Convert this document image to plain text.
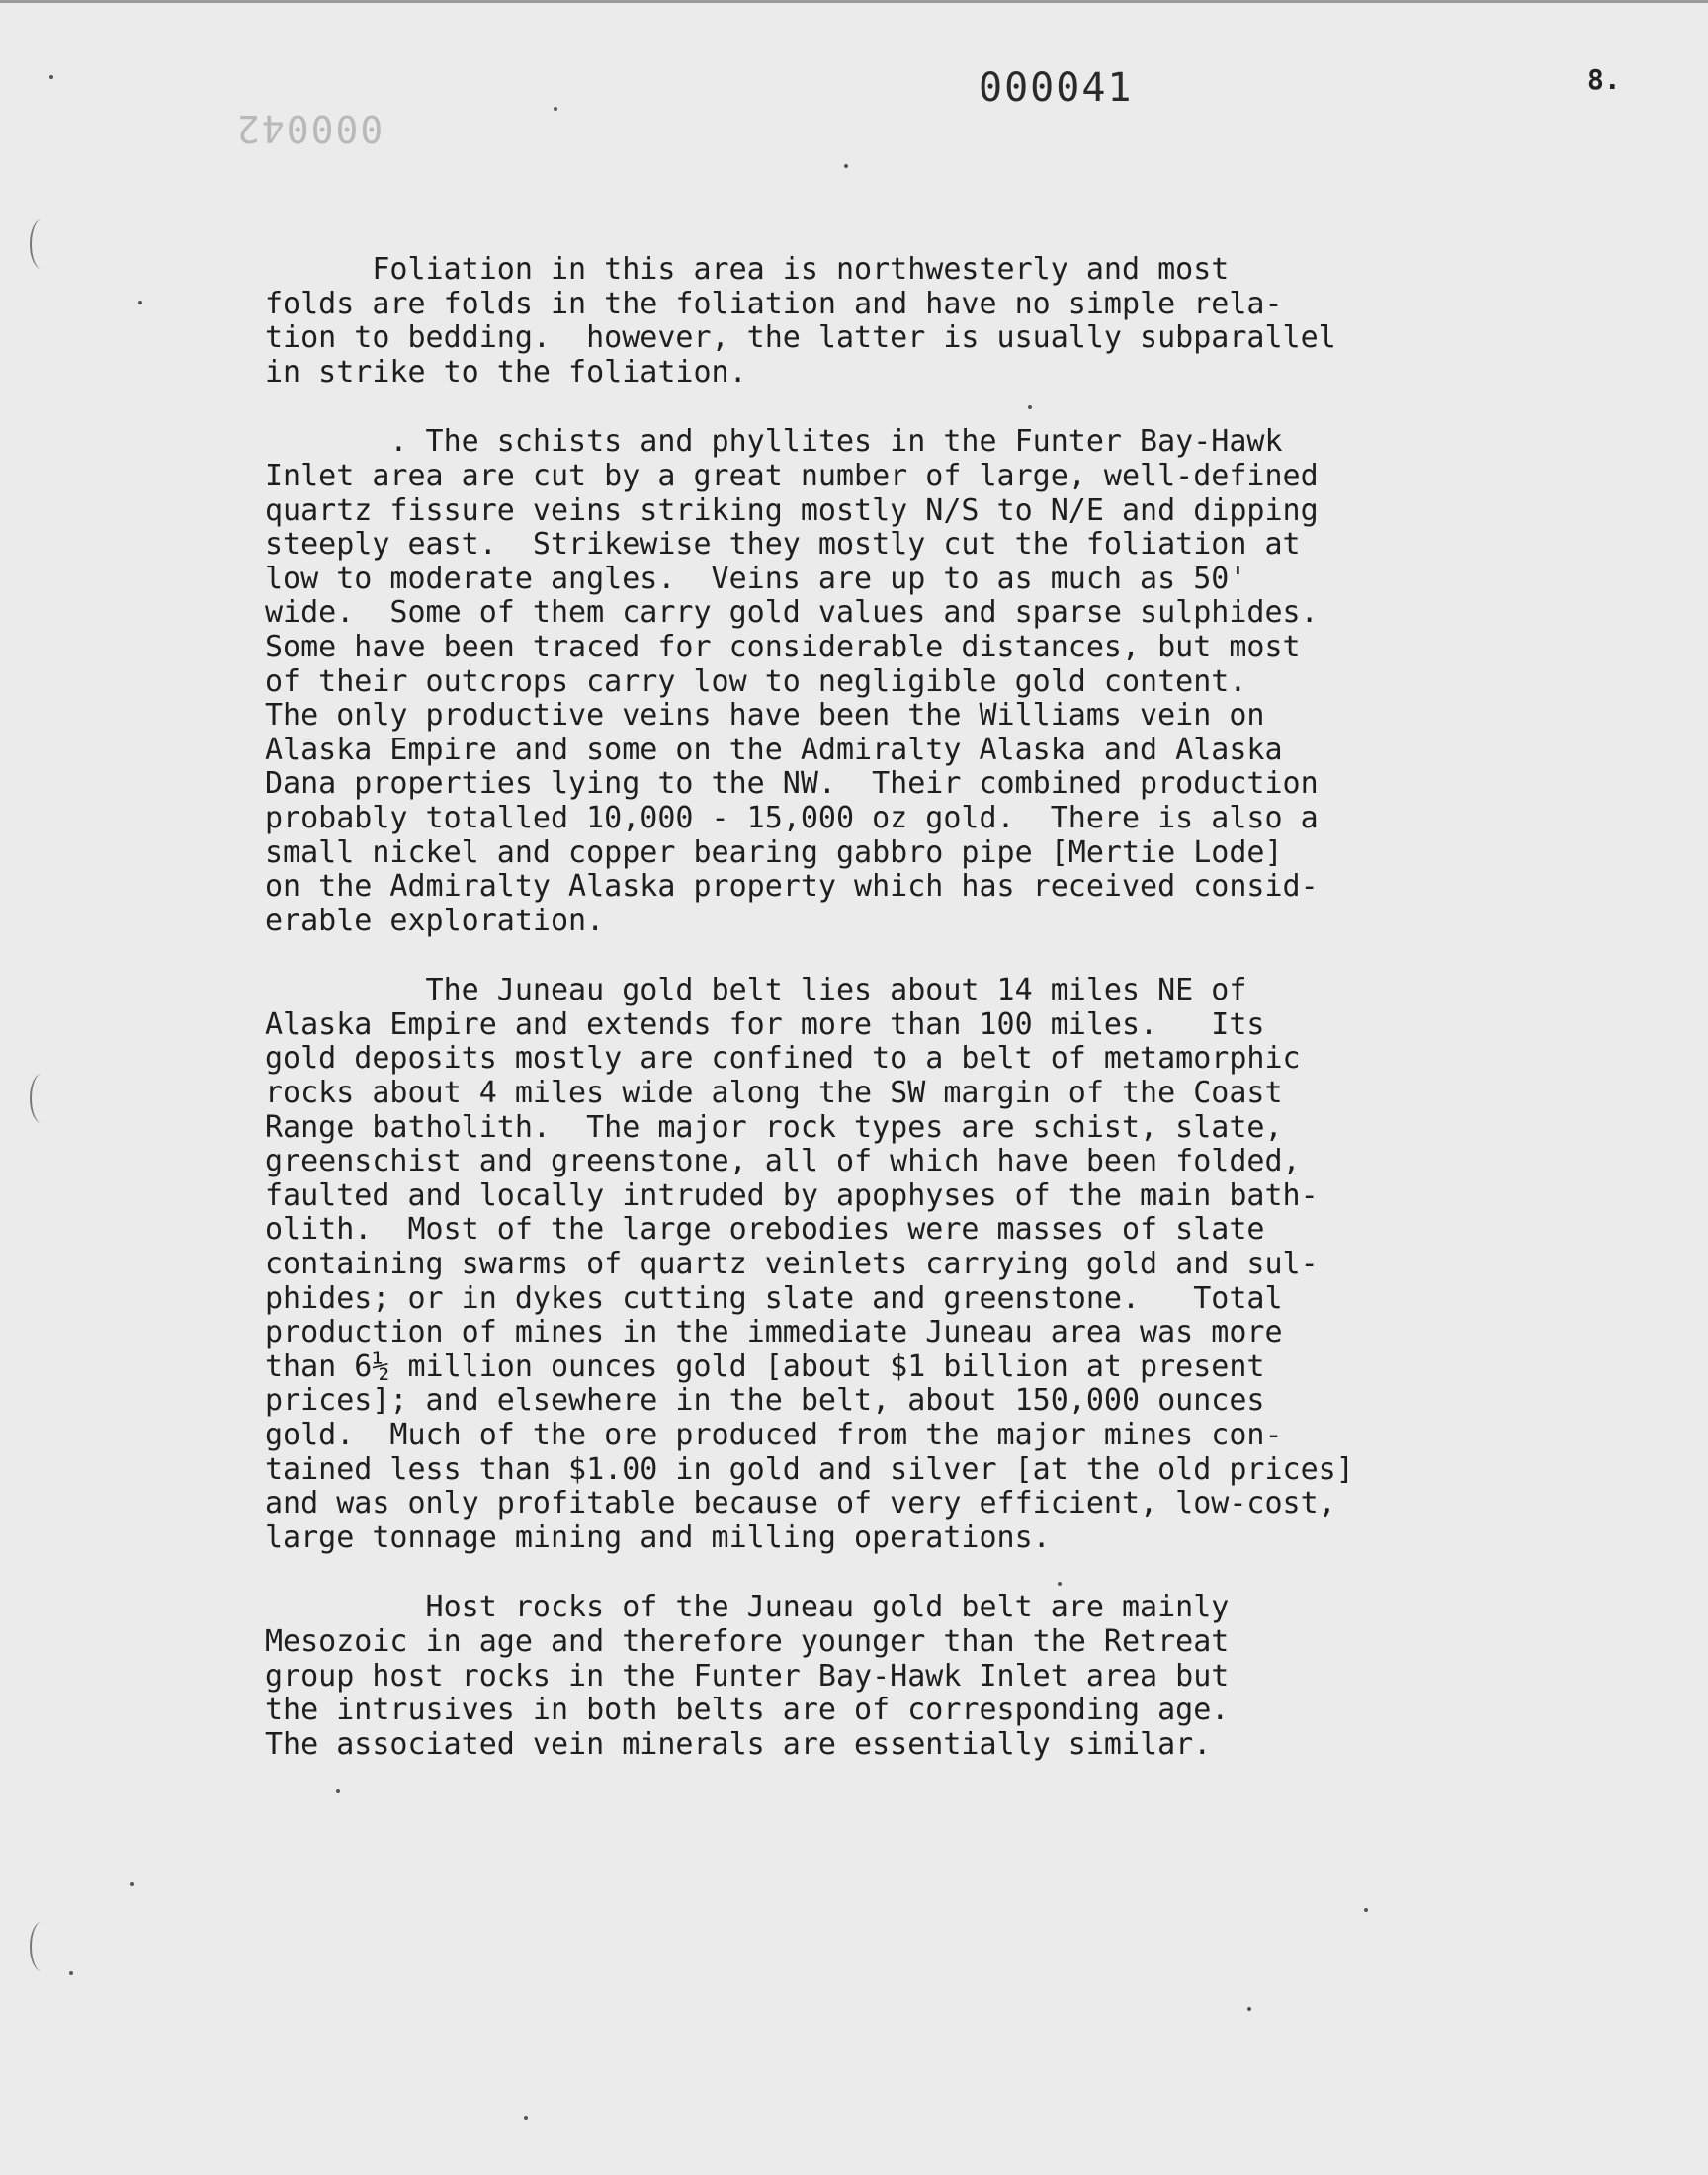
000042
000041	8.
Foliation in this area is northwesterly and most
folds are folds in the foliation and have no simple rela-
tion to bedding.  however, the latter is usually subparallel
in strike to the foliation.
. The schists and phyllites in the Funter Bay-Hawk
Inlet area are cut by a great number of large, well-defined
quartz fissure veins striking mostly N/S to N/E and dipping
steeply east.  Strikewise they mostly cut the foliation at
low to moderate angles.  Veins are up to as much as 50'
wide.  Some of them carry gold values and sparse sulphides.
Some have been traced for considerable distances, but most
of their outcrops carry low to negligible gold content.
The only productive veins have been the Williams vein on
Alaska Empire and some on the Admiralty Alaska and Alaska
Dana properties lying to the NW.  Their combined production
probably totalled 10,000 - 15,000 oz gold.  There is also a
small nickel and copper bearing gabbro pipe [Mertie Lode]
on the Admiralty Alaska property which has received consid-
erable exploration.
The Juneau gold belt lies about 14 miles NE of
Alaska Empire and extends for more than 100 miles.   Its
gold deposits mostly are confined to a belt of metamorphic
rocks about 4 miles wide along the SW margin of the Coast
Range batholith.  The major rock types are schist, slate,
greenschist and greenstone, all of which have been folded,
faulted and locally intruded by apophyses of the main bath-
olith.  Most of the large orebodies were masses of slate
containing swarms of quartz veinlets carrying gold and sul-
phides; or in dykes cutting slate and greenstone.   Total
production of mines in the immediate Juneau area was more
than 6½ million ounces gold [about $1 billion at present
prices]; and elsewhere in the belt, about 150,000 ounces
gold.  Much of the ore produced from the major mines con-
tained less than $1.00 in gold and silver [at the old prices]
and was only profitable because of very efficient, low-cost,
large tonnage mining and milling operations.
Host rocks of the Juneau gold belt are mainly
Mesozoic in age and therefore younger than the Retreat
group host rocks in the Funter Bay-Hawk Inlet area but
the intrusives in both belts are of corresponding age.
The associated vein minerals are essentially similar.
